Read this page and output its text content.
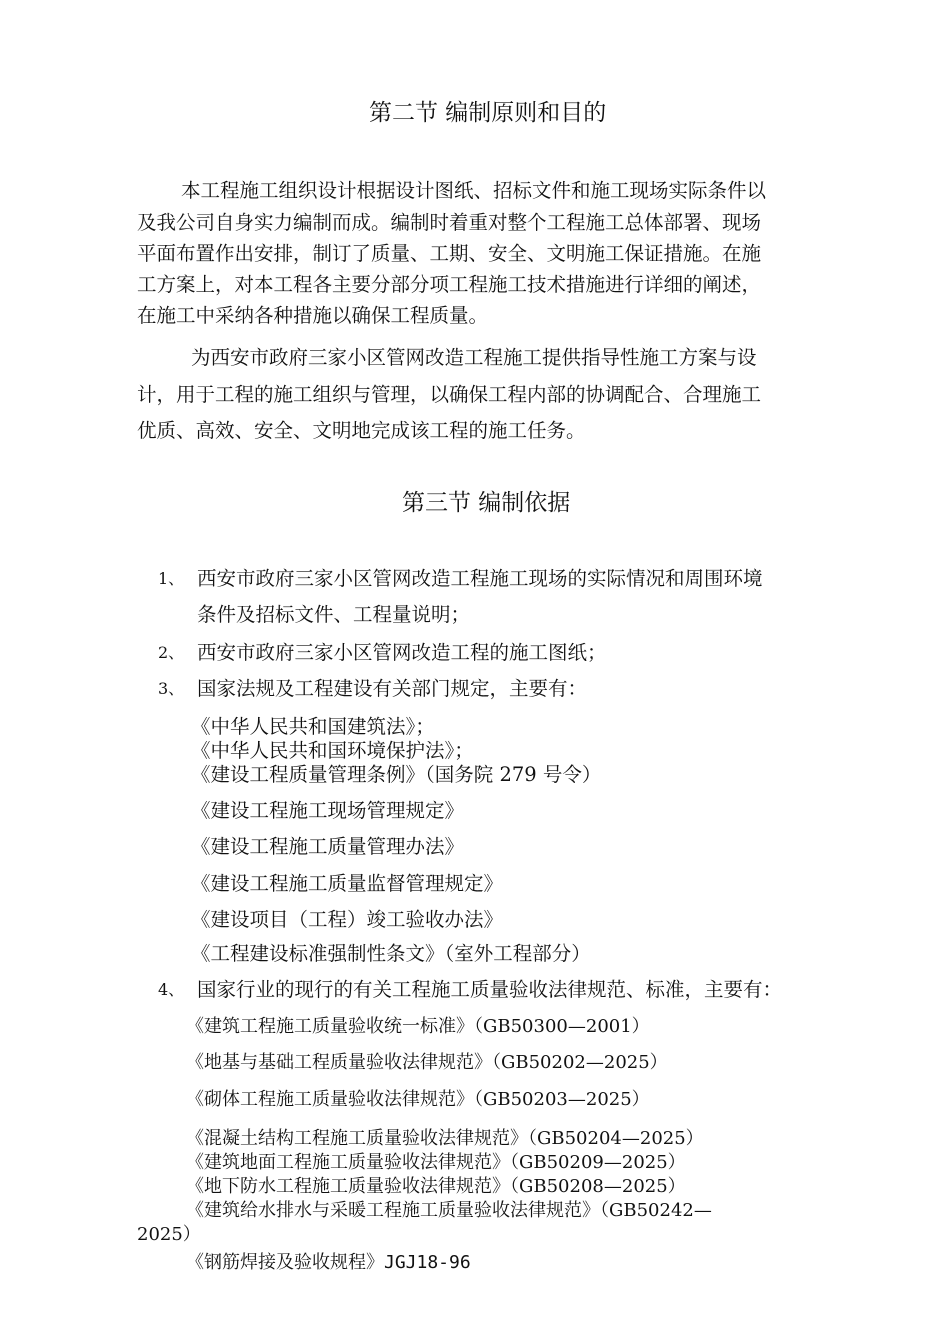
第二节 编制原则和目的
本工程施工组织设计根据设计图纸、招标文件和施工现场实际条件以
及我公司自身实力编制而成。编制时着重对整个工程施工总体部署、现场
平面布置作出安排，制订了质量、工期、安全、文明施工保证措施。在施
工方案上，对本工程各主要分部分项工程施工技术措施进行详细的阐述，
在施工中采纳各种措施以确保工程质量。
为西安市政府三家小区管网改造工程施工提供指导性施工方案与设
计，用于工程的施工组织与管理，以确保工程内部的协调配合、合理施工
优质、高效、安全、文明地完成该工程的施工任务。
第三节 编制依据
1、 西安市政府三家小区管网改造工程施工现场的实际情况和周围环境
条件及招标文件、工程量说明；
2、 西安市政府三家小区管网改造工程的施工图纸；
3、 国家法规及工程建设有关部门规定，主要有：
《中华人民共和国建筑法》；
《中华人民共和国环境保护法》；
《建设工程质量管理条例》（国务院 279 号令）
《建设工程施工现场管理规定》
《建设工程施工质量管理办法》
《建设工程施工质量监督管理规定》
《建设项目（工程）竣工验收办法》
《工程建设标准强制性条文》（室外工程部分）
4、 国家行业的现行的有关工程施工质量验收法律规范、标准，主要有：
《建筑工程施工质量验收统一标准》（GB50300—2001）
《地基与基础工程质量验收法律规范》（GB50202—2025）
《砌体工程施工质量验收法律规范》（GB50203—2025）
《混凝土结构工程施工质量验收法律规范》（GB50204—2025）
《建筑地面工程施工质量验收法律规范》（GB50209—2025）
《地下防水工程施工质量验收法律规范》（GB50208—2025）
《建筑给水排水与采暖工程施工质量验收法律规范》（GB50242—
2025）
《钢筋焊接及验收规程》JGJ18-96
